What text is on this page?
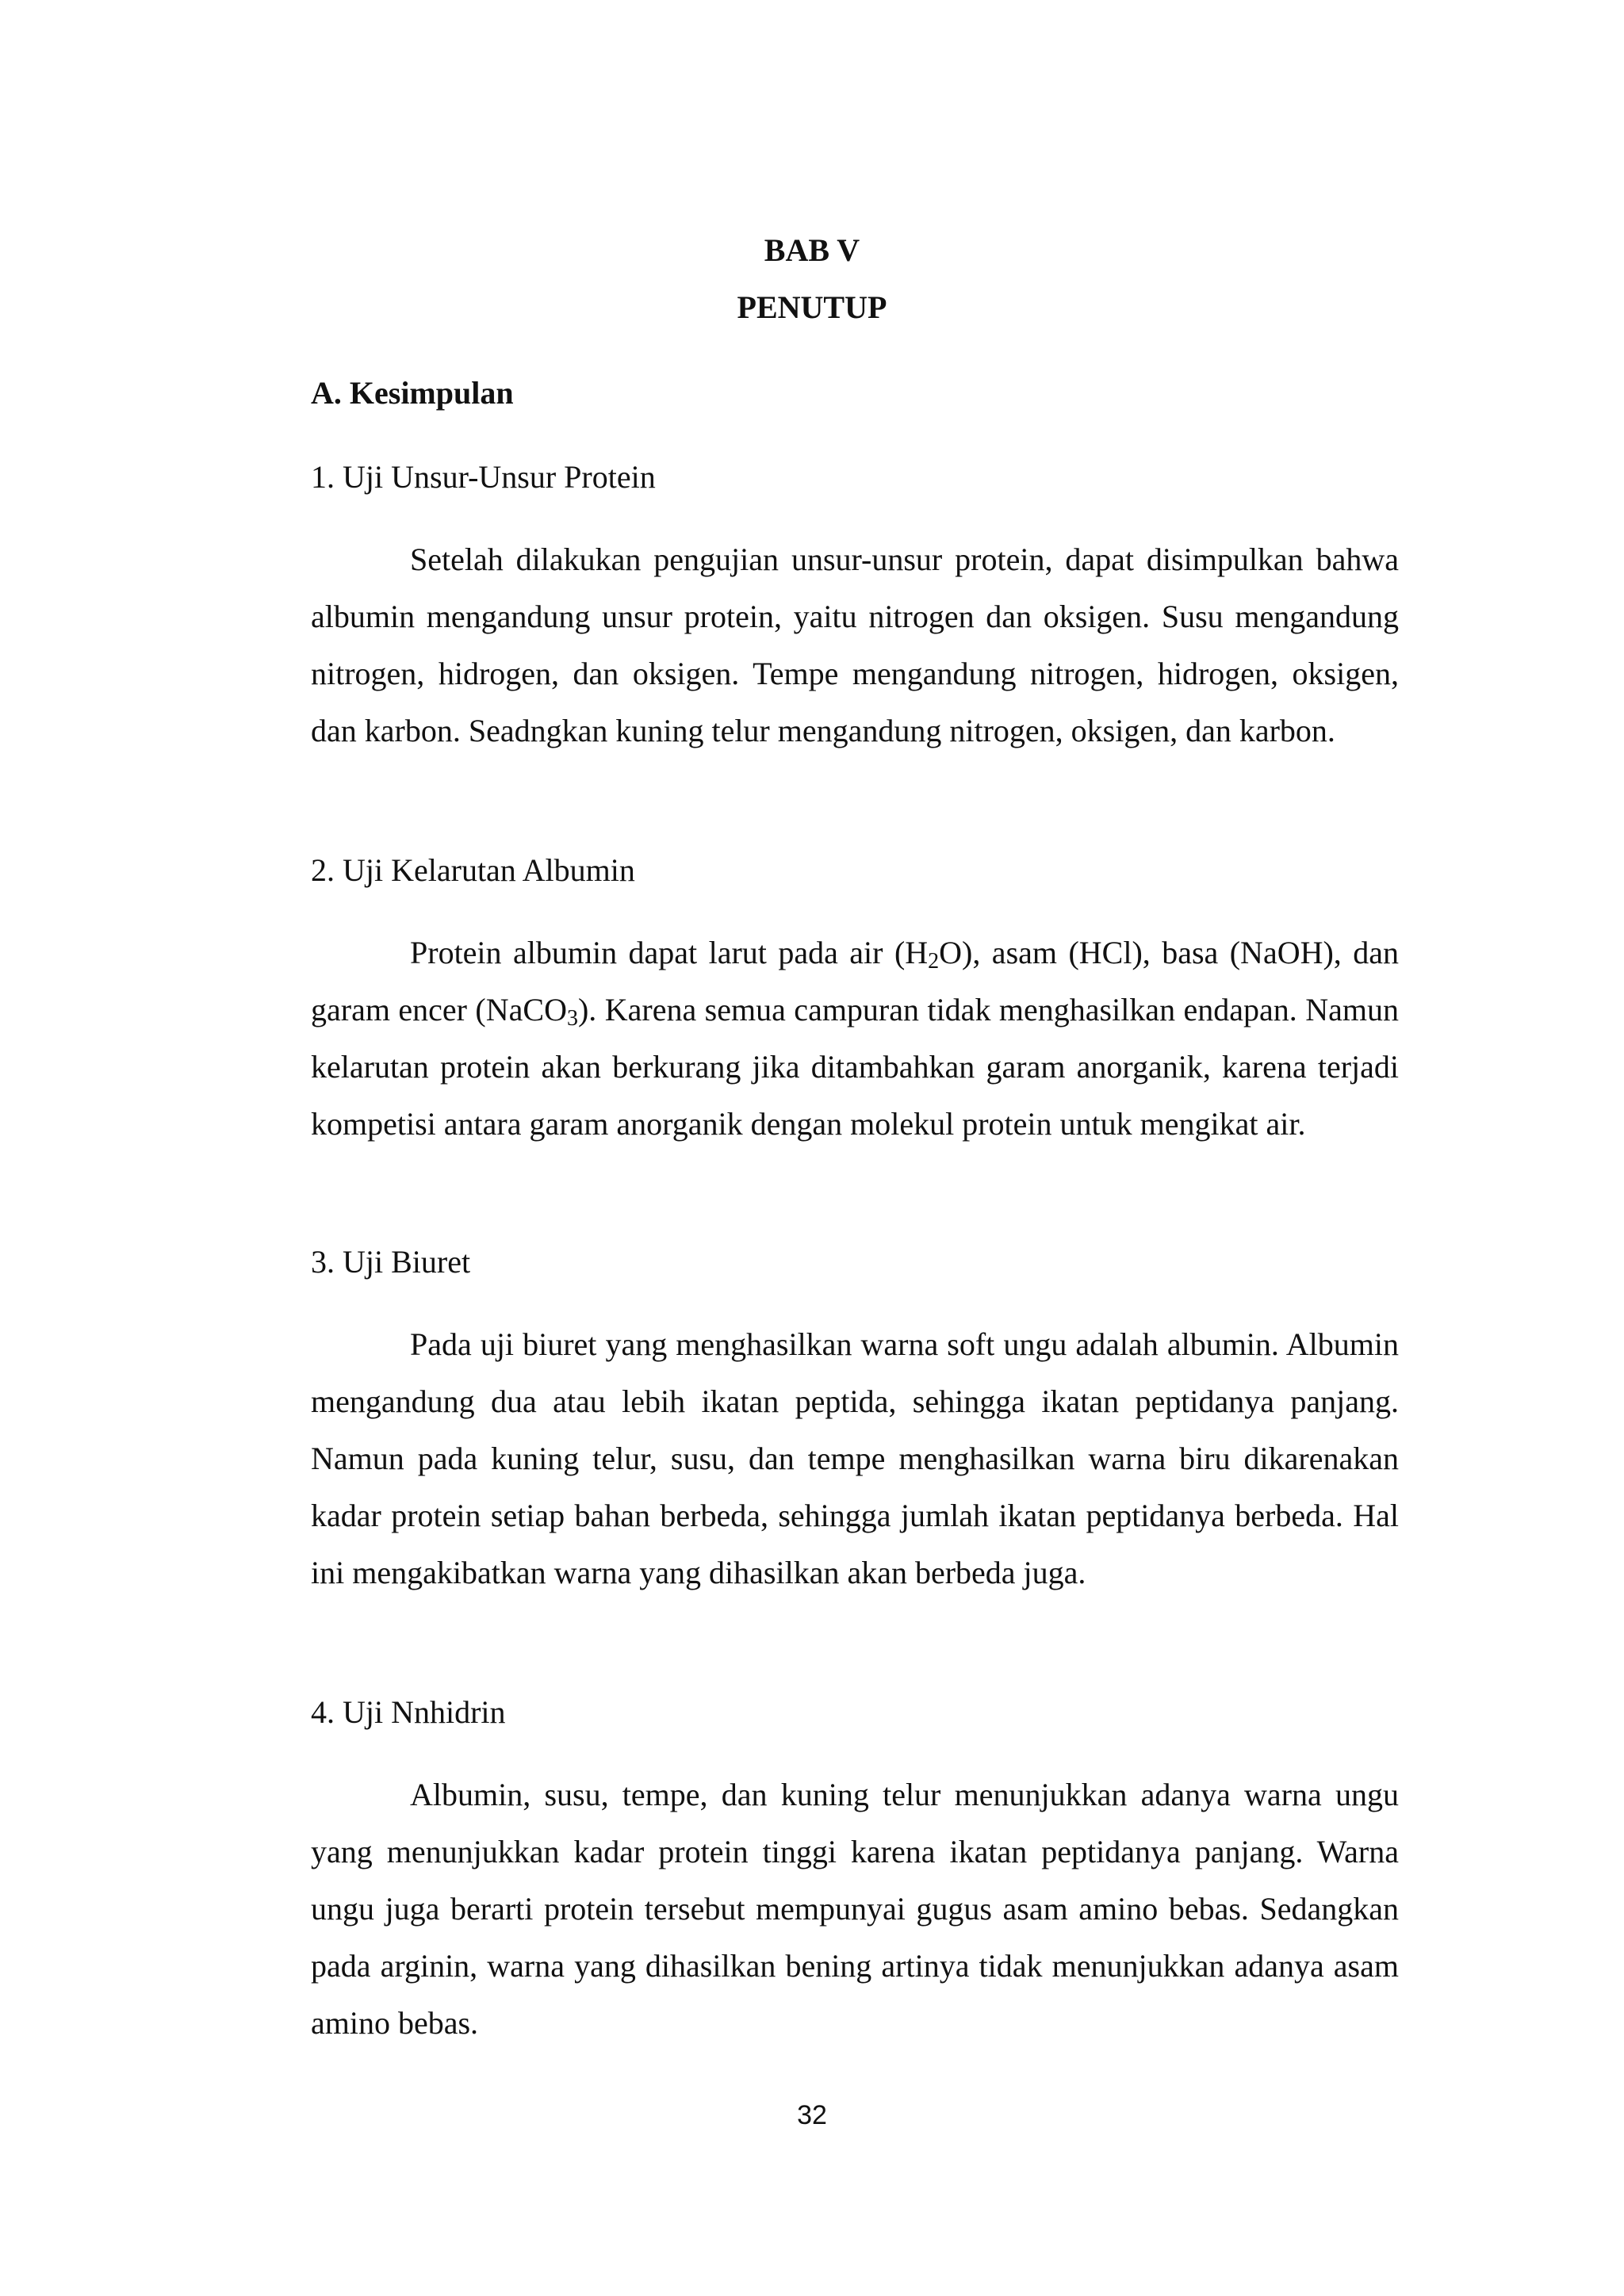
BAB V
PENUTUP
A. Kesimpulan
1. Uji Unsur-Unsur Protein

Setelah dilakukan pengujian unsur-unsur protein, dapat disimpulkan bahwa albumin mengandung unsur protein, yaitu nitrogen dan oksigen. Susu mengandung nitrogen, hidrogen, dan oksigen. Tempe mengandung nitrogen, hidrogen, oksigen, dan karbon. Seadngkan kuning telur mengandung nitrogen, oksigen, dan karbon.

2. Uji Kelarutan Albumin

Protein albumin dapat larut pada air $(H_2O)$, asam (HCl), basa (NaOH), dan garam encer (NaCO$_3$). Karena semua campuran tidak menghasilkan endapan. Namun kelarutan protein akan berkurang jika ditambahkan garam anorganik, karena terjadi kompetisi antara garam anorganik dengan molekul protein untuk mengikat air.

3. Uji Biuret

Pada uji biuret yang menghasilkan warna soft ungu adalah albumin. Albumin mengandung dua atau lebih ikatan peptida, sehingga ikatan peptidanya panjang. Namun pada kuning telur, susu, dan tempe menghasilkan warna biru dikarenakan kadar protein setiap bahan berbeda, sehingga jumlah ikatan peptidanya berbeda. Hal ini mengakibatkan warna yang dihasilkan akan berbeda juga.

4. Uji Nnhidrin

Albumin, susu, tempe, dan kuning telur menunjukkan adanya warna ungu yang menunjukkan kadar protein tinggi karena ikatan peptidanya panjang. Warna ungu juga berarti protein tersebut mempunyai gugus asam amino bebas. Sedangkan pada arginin, warna yang dihasilkan bening artinya tidak menunjukkan adanya asam amino bebas.

32
